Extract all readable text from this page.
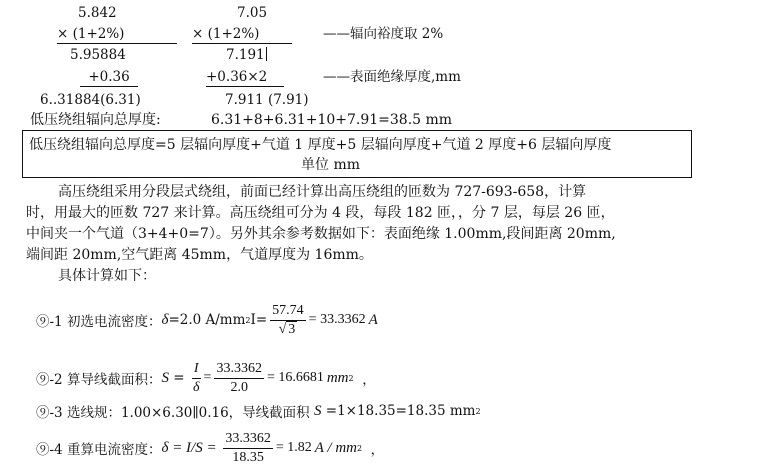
5.842	7.05
× (1+2%)	× (1+2%)	——辐向裕度取 2%
5.95884	7.191
+0.36	+0.36×2	——表面绝缘厚度,mm
6..31884(6.31)	7.911 (7.91)
低压绕组辐向总厚度:	6.31+8+6.31+10+7.91=38.5 mm
低压绕组辐向总厚度=5 层辐向厚度+气道 1 厚度+5 层辐向厚度+气道 2 厚度+6 层辐向厚度
单位 mm

高压绕组采用分段层式绕组，前面已经计算出高压绕组的匝数为 727-693-658，计算

时，用最大的匝数 727 来计算。高压绕组可分为 4 段，每段 182 匝，，分 7 层，每层 26 匝，

中间夹一个气道（3+4+0=7）。另外其余参考数据如下：表面绝缘 1.00mm,段间距离 20mm,

端间距 20mm,空气距离 45mm，气道厚度为 16mm。

具体计算如下：

⑨-1 初选电流密度： δ =2.0 A/mm 2 $I= \frac{57.74}{√ 3} = 33.3362$ A
⑨-2 算导线截面积： $S = \frac{I}{\delta} = \frac{33.3362}{2.0} = 16.6681$ mm 2 ，
⑨-3 选线规：1.00×6.30∥0.16，导线截面积 S =1×18.35=18.35 mm 2
⑨-4 重算电流密度： $\delta = I/S = \frac{33.3362}{18.35} = 1.82$ A / mm 2 ，
